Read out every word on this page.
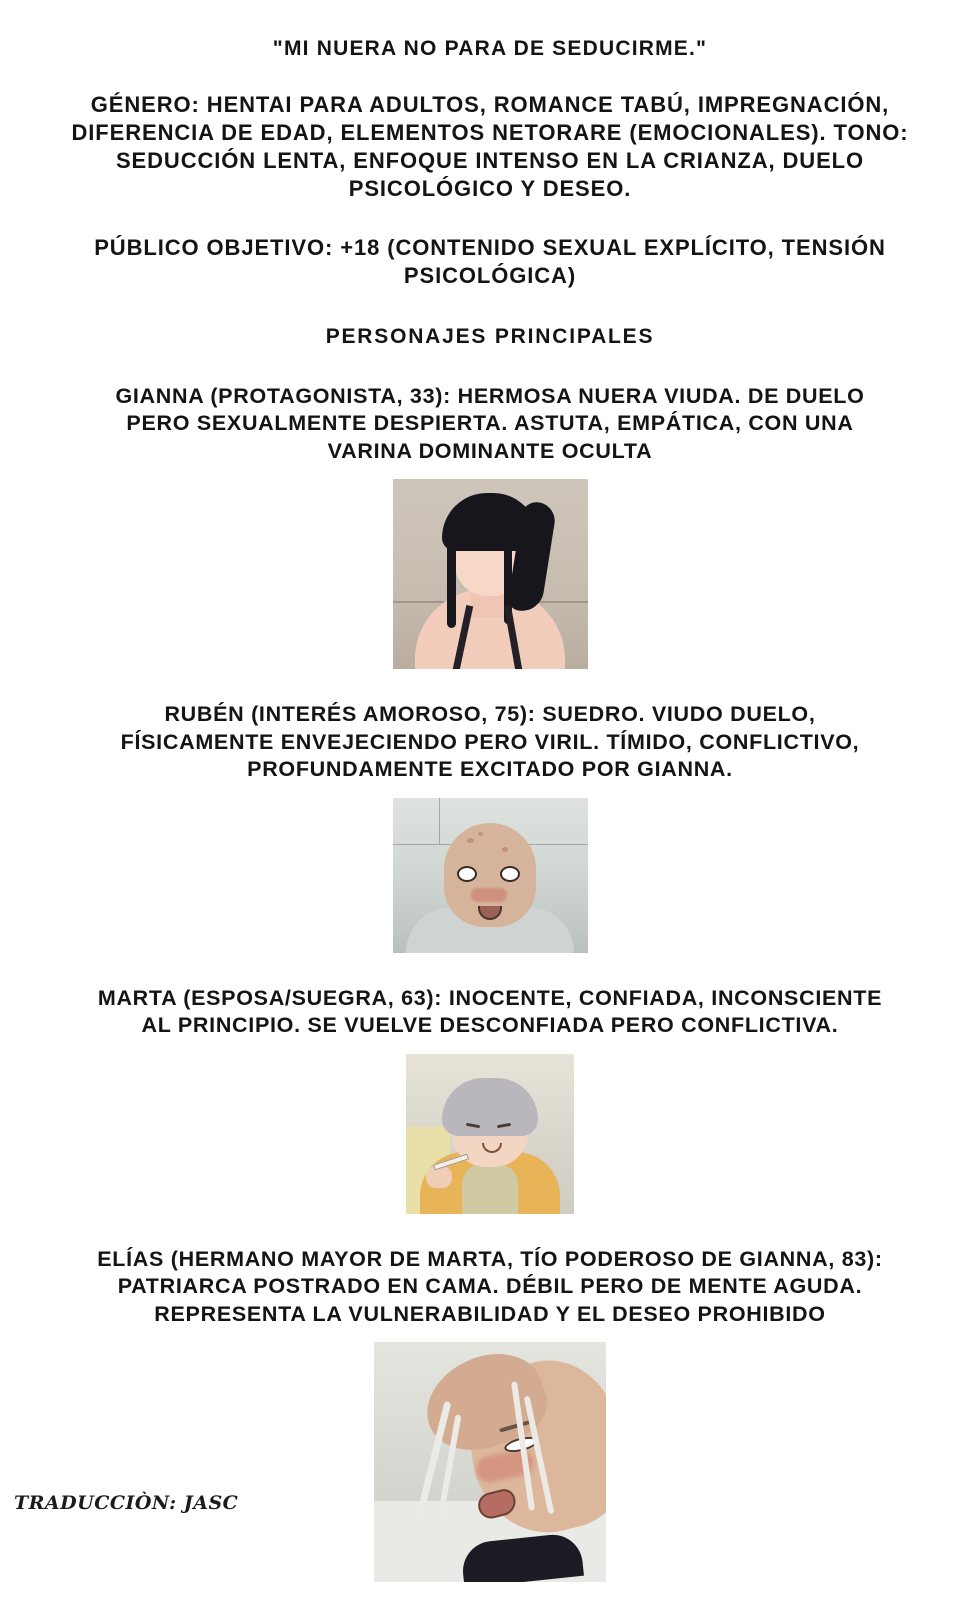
"MI NUERA NO PARA DE SEDUCIRME."
GÉNERO: HENTAI PARA ADULTOS, ROMANCE TABÚ, IMPREGNACIÓN, DIFERENCIA DE EDAD, ELEMENTOS NETORARE (EMOCIONALES). TONO: SEDUCCIÓN LENTA, ENFOQUE INTENSO EN LA CRIANZA, DUELO PSICOLÓGICO Y DESEO.
PÚBLICO OBJETIVO: +18 (CONTENIDO SEXUAL EXPLÍCITO, TENSIÓN PSICOLÓGICA)
PERSONAJES PRINCIPALES
GIANNA (PROTAGONISTA, 33): HERMOSA NUERA VIUDA. DE DUELO PERO SEXUALMENTE DESPIERTA. ASTUTA, EMPÁTICA, CON UNA VARINA DOMINANTE OCULTA
RUBÉN (INTERÉS AMOROSO, 75): SUEDRO. VIUDO DUELO, FÍSICAMENTE ENVEJECIENDO PERO VIRIL. TÍMIDO, CONFLICTIVO, PROFUNDAMENTE EXCITADO POR GIANNA.
MARTA (ESPOSA/SUEGRA, 63): INOCENTE, CONFIADA, INCONSCIENTE AL PRINCIPIO. SE VUELVE DESCONFIADA PERO CONFLICTIVA.
ELÍAS (HERMANO MAYOR DE MARTA, TÍO PODEROSO DE GIANNA, 83): PATRIARCA POSTRADO EN CAMA. DÉBIL PERO DE MENTE AGUDA. REPRESENTA LA VULNERABILIDAD Y EL DESEO PROHIBIDO
TRADUCCIÒN: JASC
